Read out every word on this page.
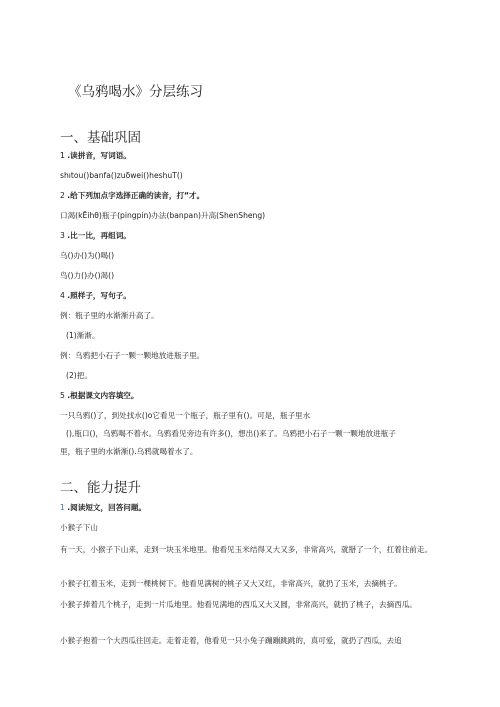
《乌鸦喝水》分层练习
一、基础巩固
1 .读拼音，写词语。
shıtou()banfa()zuδwei()heshuT()
2 .给下列加点字选择正确的读音，打“才。
口渴(kĒı̇hθ)瓶子(pingpin)办法(banpan)升高(ShenSheng)
3 .比一比，再组词。
乌()办()为()喝()
鸟()力()办()渴()
4 .照样子，写句子。
例：瓶子里的水渐渐升高了。
(1)渐渐。
例：乌鸦把小石子一颗一颗地放进瓶子里。
(2)把。
5 .根据课文内容填空。
一只乌鸦()了，到处找水()o它看见一个瓶子，瓶子里有()。可是，瓶子里水
(),瓶口()，乌鸦喝不着水。乌鸦看见旁边有许多()，想出()来了。乌鸦把小石子一颗一颗地放进瓶子
里，瓶子里的水渐渐().乌鸦就喝着水了。
二、能力提升
1 .阅读短文，回答问题。
小猴子下山
有一天，小猴子下山来，走到一块玉米地里。他看见玉米结得又大又多，非常高兴，就掰了一个，扛着往前走。
小猴子扛着玉米，走到一棵桃树下。他看见满树的桃子又大又红，非常高兴，就扔了玉米，去摘桃子。
小猴子捧着几个桃子，走到一片瓜地里。他看见满地的西瓜又大又圆，非常高兴，就扔了桃子，去摘西瓜。
小猴子抱着一个大西瓜往回走。走着走着，他看见一只小兔子蹦蹦跳跳的，真可爱，就扔了西瓜，去追
